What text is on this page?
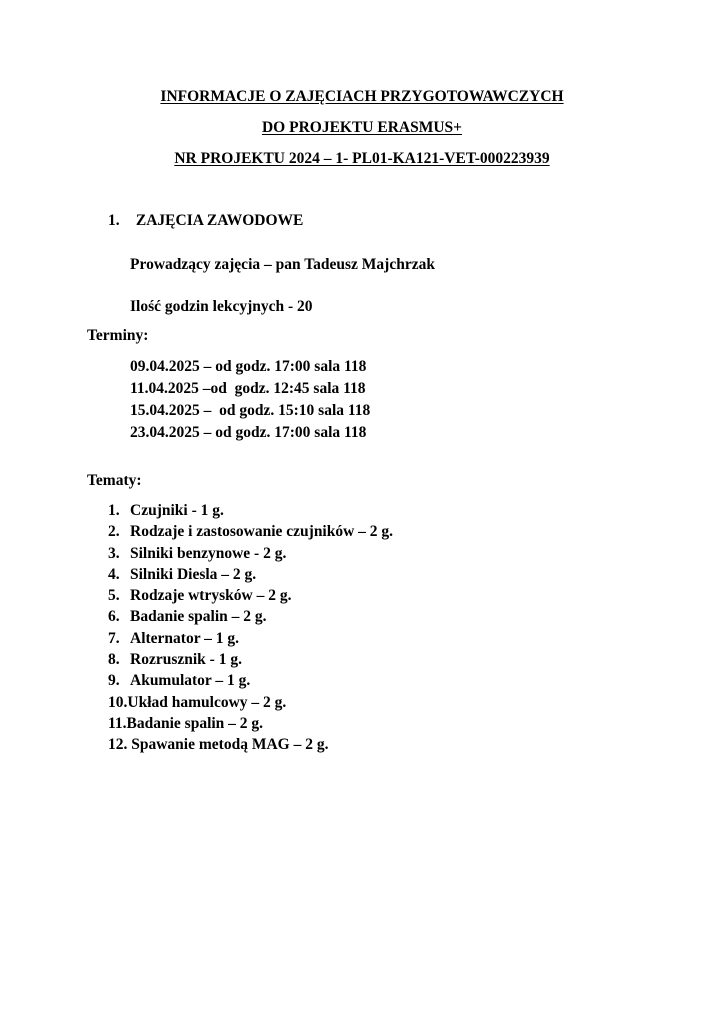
INFORMACJE O ZAJĘCIACH PRZYGOTOWAWCZYCH
DO PROJEKTU ERASMUS+
NR PROJEKTU 2024 – 1- PL01-KA121-VET-000223939
1. ZAJĘCIA ZAWODOWE
Prowadzący zajęcia – pan Tadeusz Majchrzak
Ilość godzin lekcyjnych - 20
Terminy:
09.04.2025 – od godz. 17:00 sala 118
11.04.2025 –od  godz. 12:45 sala 118
15.04.2025 –  od godz. 15:10 sala 118
23.04.2025 – od godz. 17:00 sala 118
Tematy:
1. Czujniki - 1 g.
2. Rodzaje i zastosowanie czujników – 2 g.
3. Silniki benzynowe - 2 g.
4. Silniki Diesla – 2 g.
5. Rodzaje wtrysków – 2 g.
6. Badanie spalin – 2 g.
7. Alternator – 1 g.
8. Rozrusznik - 1 g.
9. Akumulator – 1 g.
10.Układ hamulcowy – 2 g.
11.Badanie spalin – 2 g.
12. Spawanie metodą MAG – 2 g.
